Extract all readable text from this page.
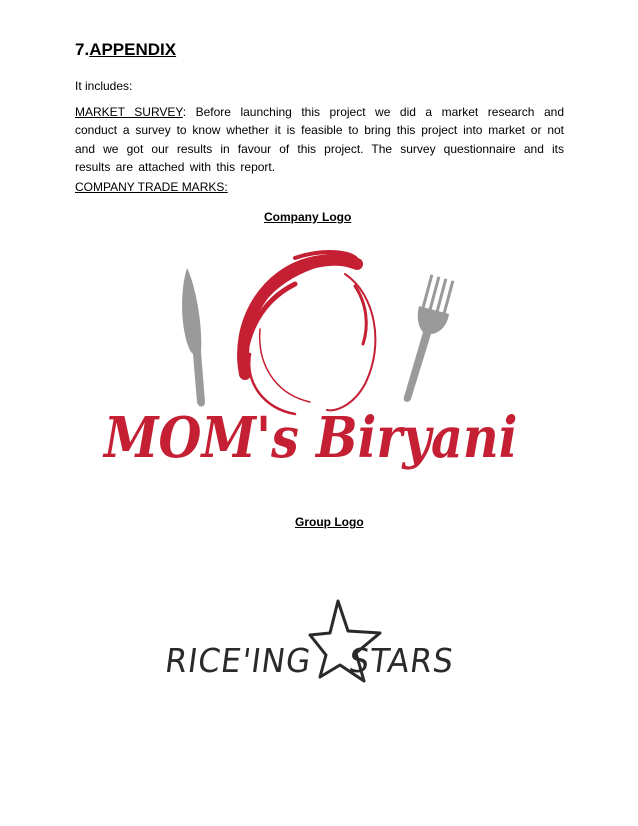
7.APPENDIX
It includes:
MARKET SURVEY: Before launching this project we did a market research and conduct a survey to know whether it is feasible to bring this project into market or not and we got our results in favour of this project. The survey questionnaire and its results are attached with this report.
COMPANY TRADE MARKS:
Company Logo
MOM's Biryani
Group Logo
RICE'ING STARS
